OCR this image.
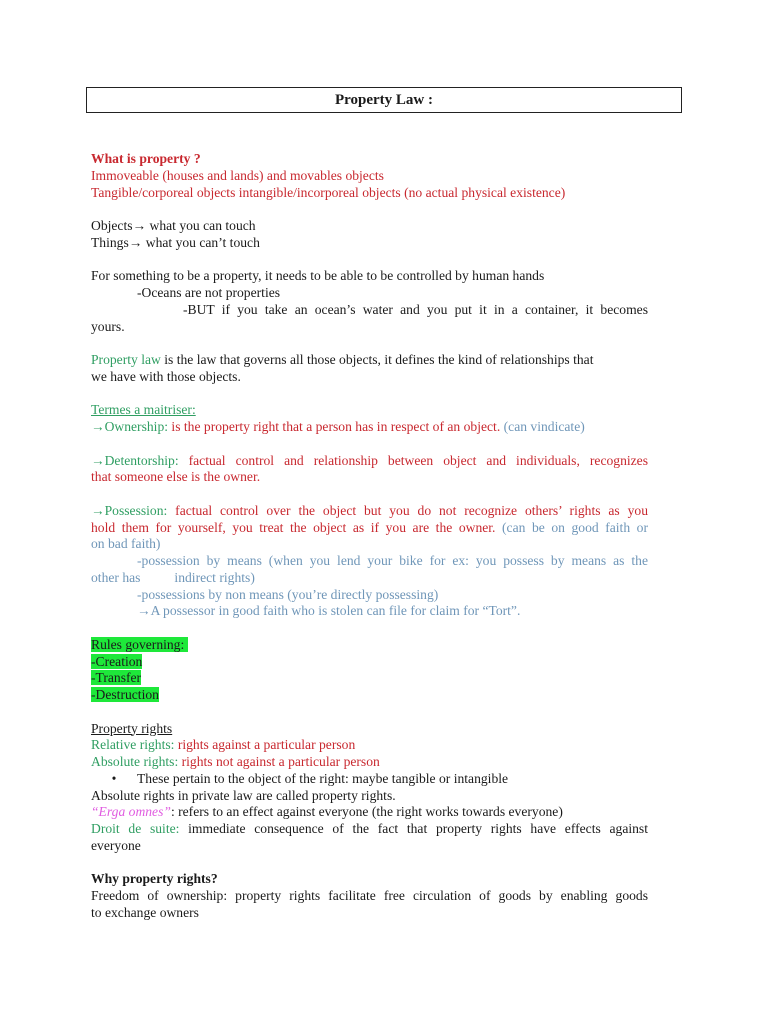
Property Law :
What is property ?
Immoveable (houses and lands) and movables objects
Tangible/corporeal objects intangible/incorporeal objects (no actual physical existence)
Objects→ what you can touch
Things→ what you can’t touch
For something to be a property, it needs to be able to be controlled by human hands
-Oceans are not properties
-BUT if you take an ocean’s water and you put it in a container, it becomes
yours.
Property law is the law that governs all those objects, it defines the kind of relationships that
we have with those objects.
Termes a maitriser:
→Ownership: is the property right that a person has in respect of an object. (can vindicate)
→Detentorship: factual control and relationship between object and individuals, recognizes
that someone else is the owner.
→Possession: factual control over the object but you do not recognize others’ rights as you
hold them for yourself, you treat the object as if you are the owner. (can be on good faith or
on bad faith)
-possession by means (when you lend your bike for ex: you possess by means as the
other has          indirect rights)
-possessions by non means (you’re directly possessing)
→A possessor in good faith who is stolen can file for claim for “Tort”.
Rules governing:
-Creation
-Transfer
-Destruction
Property rights
Relative rights: rights against a particular person
Absolute rights: rights not against a particular person
• These pertain to the object of the right: maybe tangible or intangible
Absolute rights in private law are called property rights.
“Erga omnes”: refers to an effect against everyone (the right works towards everyone)
Droit de suite: immediate consequence of the fact that property rights have effects against
everyone
Why property rights?
Freedom of ownership: property rights facilitate free circulation of goods by enabling goods
to exchange owners
